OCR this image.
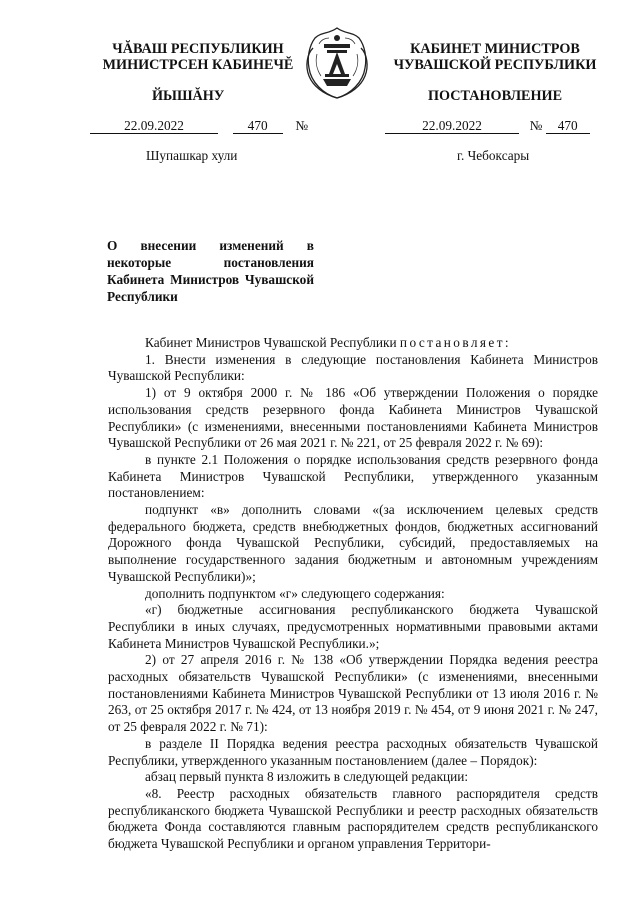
ЧĂВАШ РЕСПУБЛИКИН
МИНИСТРСЕН КАБИНЕЧĔ
ЙЫШĂНУ
КАБИНЕТ МИНИСТРОВ
ЧУВАШСКОЙ РЕСПУБЛИКИ
ПОСТАНОВЛЕНИЕ
22.09.2022	470 №	22.09.2022	№ 470
Шупашкар хули	г. Чебоксары
О внесении изменений в некоторые постановления Кабинета Министров Чувашской Республики

Кабинет Министров Чувашской Республики постановляет:

1. Внести изменения в следующие постановления Кабинета Министров Чувашской Республики:

1) от 9 октября 2000 г. № 186 «Об утверждении Положения о порядке использования средств резервного фонда Кабинета Министров Чувашской Республики» (с изменениями, внесенными постановлениями Кабинета Министров Чувашской Республики от 26 мая 2021 г. № 221, от 25 февраля 2022 г. № 69):

в пункте 2.1 Положения о порядке использования средств резервного фонда Кабинета Министров Чувашской Республики, утвержденного указанным постановлением:

подпункт «в» дополнить словами «(за исключением целевых средств федерального бюджета, средств внебюджетных фондов, бюджетных ассигнований Дорожного фонда Чувашской Республики, субсидий, предоставляемых на выполнение государственного задания бюджетным и автономным учреждениям Чувашской Республики)»;

дополнить подпунктом «г» следующего содержания:

«г) бюджетные ассигнования республиканского бюджета Чувашской Республики в иных случаях, предусмотренных нормативными правовыми актами Кабинета Министров Чувашской Республики.»;

2) от 27 апреля 2016 г. № 138 «Об утверждении Порядка ведения реестра расходных обязательств Чувашской Республики» (с изменениями, внесенными постановлениями Кабинета Министров Чувашской Республики от 13 июля 2016 г. № 263, от 25 октября 2017 г. № 424, от 13 ноября 2019 г. № 454, от 9 июня 2021 г. № 247, от 25 февраля 2022 г. № 71):

в разделе II Порядка ведения реестра расходных обязательств Чувашской Республики, утвержденного указанным постановлением (далее – Порядок):

абзац первый пункта 8 изложить в следующей редакции:

«8. Реестр расходных обязательств главного распорядителя средств республиканского бюджета Чувашской Республики и реестр расходных обязательств бюджета Фонда составляются главным распорядителем средств республиканского бюджета Чувашской Республики и органом управления Территори-
